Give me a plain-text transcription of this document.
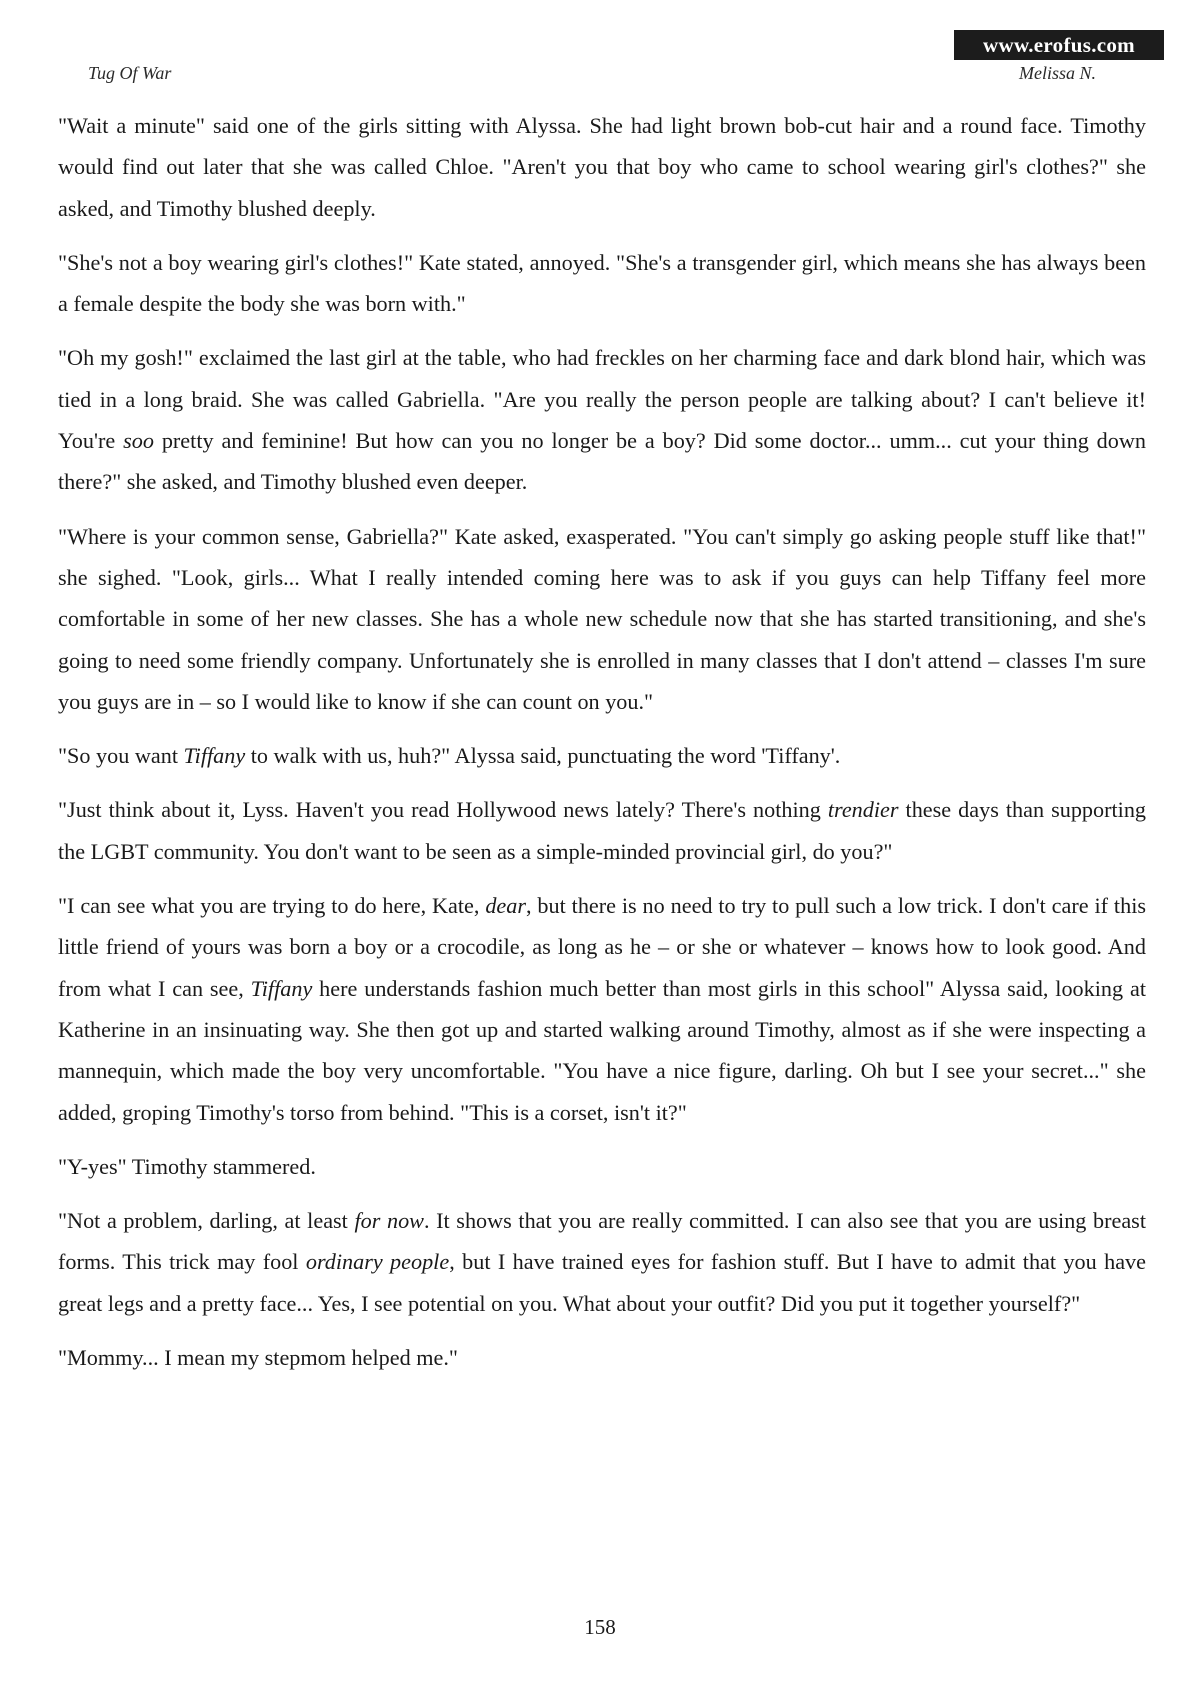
www.erofus.com
Tug Of War	Melissa N.

"Wait a minute" said one of the girls sitting with Alyssa. She had light brown bob-cut hair and a round face. Timothy would find out later that she was called Chloe. "Aren't you that boy who came to school wearing girl's clothes?" she asked, and Timothy blushed deeply.

"She's not a boy wearing girl's clothes!" Kate stated, annoyed. "She's a transgender girl, which means she has always been a female despite the body she was born with."

"Oh my gosh!" exclaimed the last girl at the table, who had freckles on her charming face and dark blond hair, which was tied in a long braid. She was called Gabriella. "Are you really the person people are talking about? I can't believe it! You're soo pretty and feminine! But how can you no longer be a boy? Did some doctor... umm... cut your thing down there?" she asked, and Timothy blushed even deeper.

"Where is your common sense, Gabriella?" Kate asked, exasperated. "You can't simply go asking people stuff like that!" she sighed. "Look, girls... What I really intended coming here was to ask if you guys can help Tiffany feel more comfortable in some of her new classes. She has a whole new schedule now that she has started transitioning, and she's going to need some friendly company. Unfortunately she is enrolled in many classes that I don't attend – classes I'm sure you guys are in – so I would like to know if she can count on you."

"So you want Tiffany to walk with us, huh?" Alyssa said, punctuating the word 'Tiffany'.

"Just think about it, Lyss. Haven't you read Hollywood news lately? There's nothing trendier these days than supporting the LGBT community. You don't want to be seen as a simple-minded provincial girl, do you?"

"I can see what you are trying to do here, Kate, dear, but there is no need to try to pull such a low trick. I don't care if this little friend of yours was born a boy or a crocodile, as long as he – or she or whatever – knows how to look good. And from what I can see, Tiffany here understands fashion much better than most girls in this school" Alyssa said, looking at Katherine in an insinuating way. She then got up and started walking around Timothy, almost as if she were inspecting a mannequin, which made the boy very uncomfortable. "You have a nice figure, darling. Oh but I see your secret..." she added, groping Timothy's torso from behind. "This is a corset, isn't it?"

"Y-yes" Timothy stammered.

"Not a problem, darling, at least for now. It shows that you are really committed. I can also see that you are using breast forms. This trick may fool ordinary people, but I have trained eyes for fashion stuff. But I have to admit that you have great legs and a pretty face... Yes, I see potential on you. What about your outfit? Did you put it together yourself?"

"Mommy... I mean my stepmom helped me."

158
